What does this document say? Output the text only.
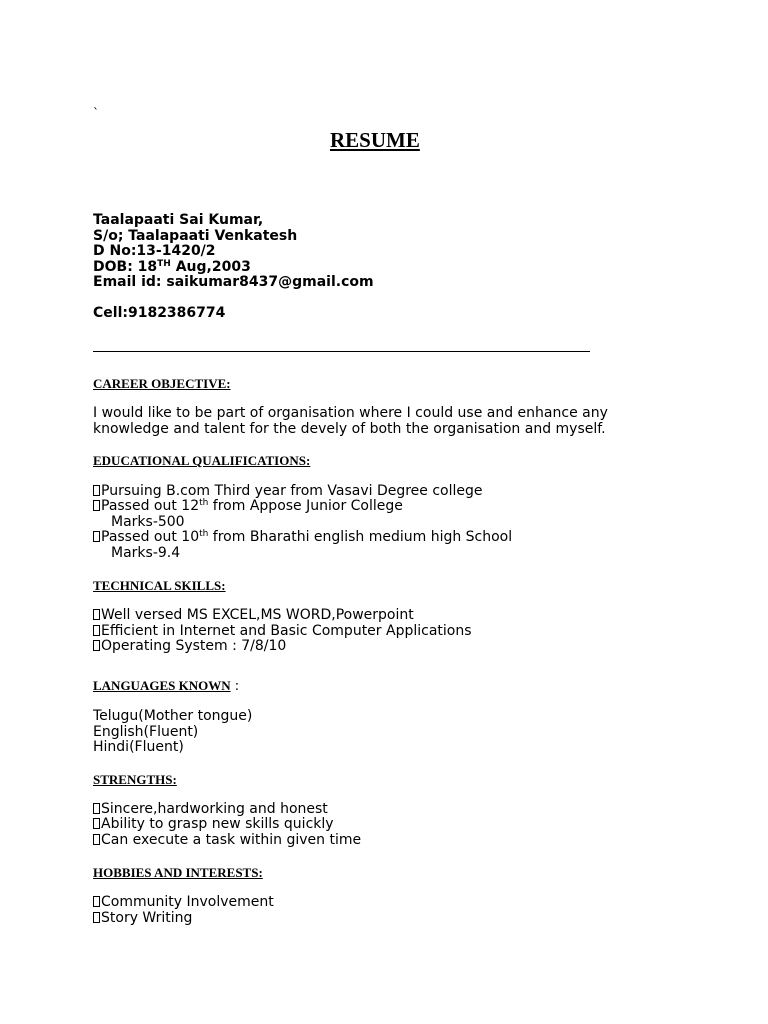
`
RESUME
Taalapaati Sai Kumar,
S/o; Taalapaati Venkatesh
D No:13-1420/2
DOB: 18TH Aug,2003
Email id: saikumar8437@gmail.com
Cell:9182386774
CAREER OBJECTIVE:
I would like to be part of organisation where I could use and enhance any
knowledge and talent for the devely of both the organisation and myself.
EDUCATIONAL QUALIFICATIONS:
Pursuing B.com Third year from Vasavi Degree college
Passed out 12th from Appose Junior College
Marks-500
Passed out 10th from Bharathi english medium high School
Marks-9.4
TECHNICAL SKILLS:
Well versed MS EXCEL,MS WORD,Powerpoint
Efficient in Internet and Basic Computer Applications
Operating System : 7/8/10
LANGUAGES KNOWN :
Telugu(Mother tongue)
English(Fluent)
Hindi(Fluent)
STRENGTHS:
Sincere,hardworking and honest
Ability to grasp new skills quickly
Can execute a task within given time
HOBBIES AND INTERESTS:
Community Involvement
Story Writing
